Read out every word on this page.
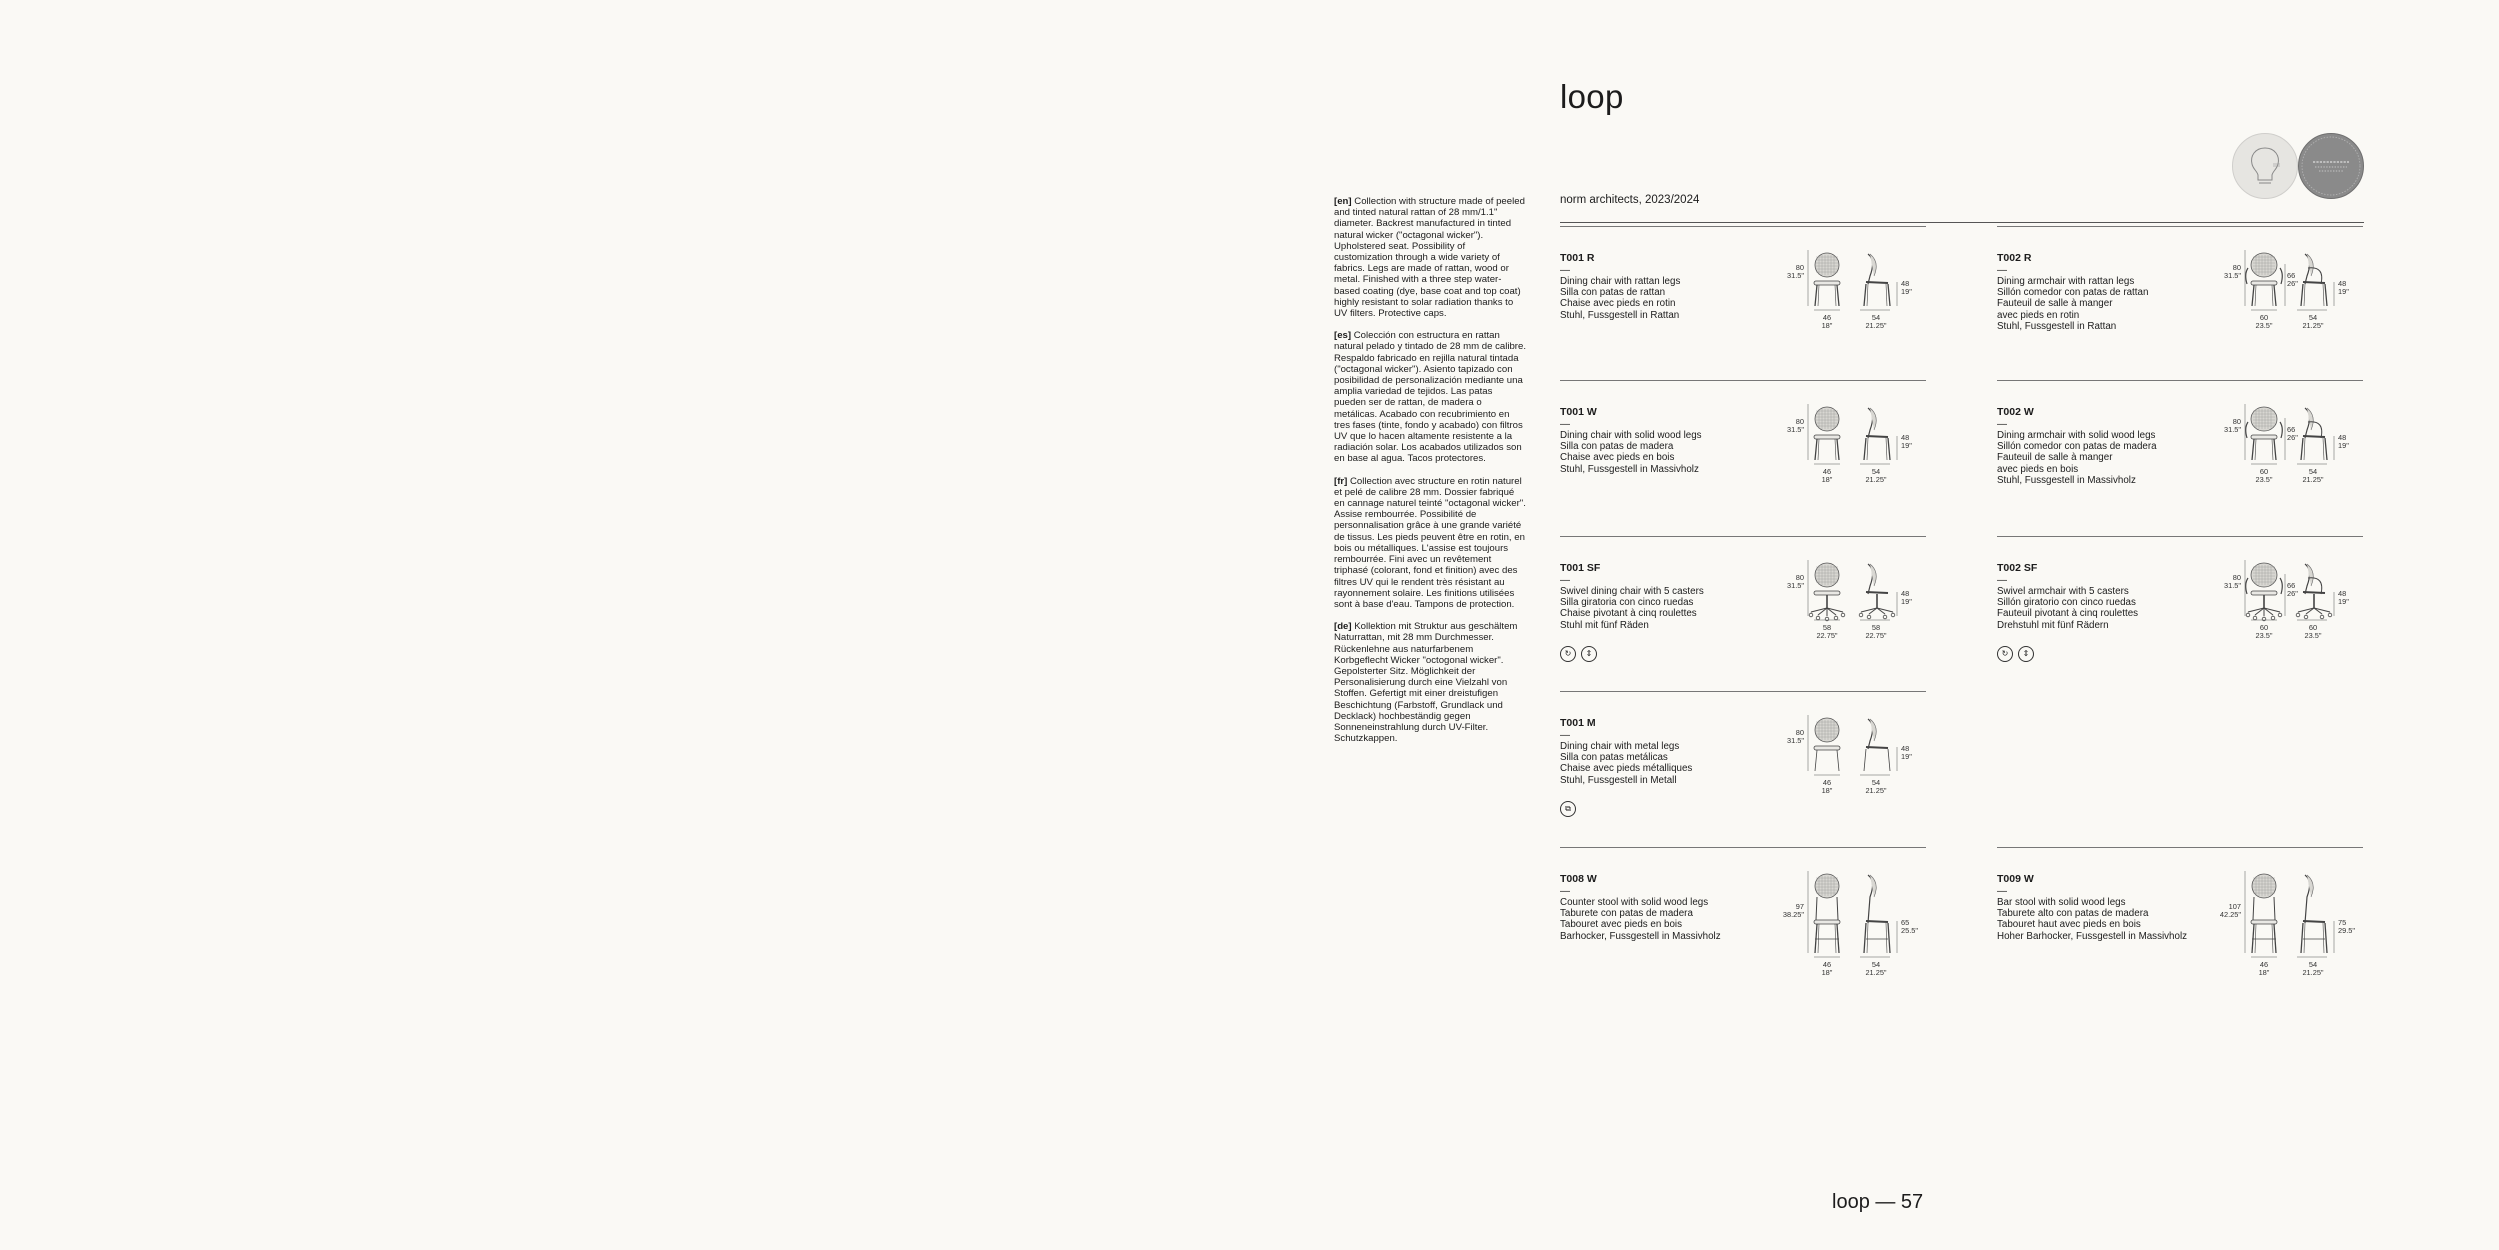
[en] Collection with structure made of peeled and tinted natural rattan of 28 mm/1.1" diameter. Backrest manufactured in tinted natural wicker ("octagonal wicker"). Upholstered seat. Possibility of customization through a wide variety of fabrics. Legs are made of rattan, wood or metal. Finished with a three step water-based coating (dye, base coat and top coat) highly resistant to solar radiation thanks to UV filters. Protective caps.

[es] Colección con estructura en rattan natural pelado y tintado de 28 mm de calibre. Respaldo fabricado en rejilla natural tintada ("octagonal wicker"). Asiento tapizado con posibilidad de personalización mediante una amplia variedad de tejidos. Las patas pueden ser de rattan, de madera o metálicas. Acabado con recubrimiento en tres fases (tinte, fondo y acabado) con filtros UV que lo hacen altamente resistente a la radiación solar. Los acabados utilizados son en base al agua. Tacos protectores.

[fr] Collection avec structure en rotin naturel et pelé de calibre 28 mm. Dossier fabriqué en cannage naturel teinté "octagonal wicker". Assise rembourrée. Possibilité de personnalisation grâce à une grande variété de tissus. Les pieds peuvent être en rotin, en bois ou métalliques. L'assise est toujours rembourrée. Fini avec un revêtement triphasé (colorant, fond et finition) avec des filtres UV qui le rendent très résistant au rayonnement solaire. Les finitions utilisées sont à base d'eau. Tampons de protection.

[de] Kollektion mit Struktur aus geschältem Naturrattan, mit 28 mm Durchmesser. Rückenlehne aus naturfarbenem Korbgeflecht Wicker "octogonal wicker". Gepolsterter Sitz. Möglichkeit der Personalisierung durch eine Vielzahl von Stoffen. Gefertigt mit einer dreistufigen Beschichtung (Farbstoff, Grundlack und Decklack) hochbeständig gegen Sonneneinstrahlung durch UV-Filter. Schutzkappen.

loop
norm architects, 2023/2024
T001 R
—
Dining chair with rattan legs
Silla con patas de rattan
Chaise avec pieds en rotin
Stuhl, Fussgestell in Rattan
80
31.5"
48
19"
46
18"
54
21.25"
T002 R
—
Dining armchair with rattan legs
Sillón comedor con patas de rattan
Fauteuil de salle à manger
avec pieds en rotin
Stuhl, Fussgestell in Rattan
80
31.5"	66
26"	48
19"
60
23.5"
54
21.25"
T001 W
—
Dining chair with solid wood legs
Silla con patas de madera
Chaise avec pieds en bois
Stuhl, Fussgestell in Massivholz
80
31.5"
48
19"
46
18"
54
21.25"
T002 W
—
Dining armchair with solid wood legs
Sillón comedor con patas de madera
Fauteuil de salle à manger
avec pieds en bois
Stuhl, Fussgestell in Massivholz
80
31.5"	66
26"	48
19"
60
23.5"
54
21.25"
T001 SF
—
Swivel dining chair with 5 casters
Silla giratoria con cinco ruedas
Chaise pivotant à cinq roulettes
Stuhl mit fünf Räden
↻	⇕
80
31.5"
48
19"
58
22.75"
58
22.75"
T002 SF
—
Swivel armchair with 5 casters
Sillón giratorio con cinco ruedas
Fauteuil pivotant à cinq roulettes
Drehstuhl mit fünf Rädern
↻	⇕
80
31.5"	66
26"	48
19"
60
23.5"
60
23.5"
T001 M
—
Dining chair with metal legs
Silla con patas metálicas
Chaise avec pieds métalliques
Stuhl, Fussgestell in Metall
⧉
80
31.5"
48
19"
46
18"
54
21.25"
T008 W
—
Counter stool with solid wood legs
Taburete con patas de madera
Tabouret avec pieds en bois
Barhocker, Fussgestell in Massivholz
97
38.25"
65
25.5"
46
18"
54
21.25"
T009 W
—
Bar stool with solid wood legs
Taburete alto con patas de madera
Tabouret haut avec pieds en bois
Hoher Barhocker, Fussgestell in Massivholz
107
42.25"
75
29.5"
46
18"
54
21.25"
loop — 57
